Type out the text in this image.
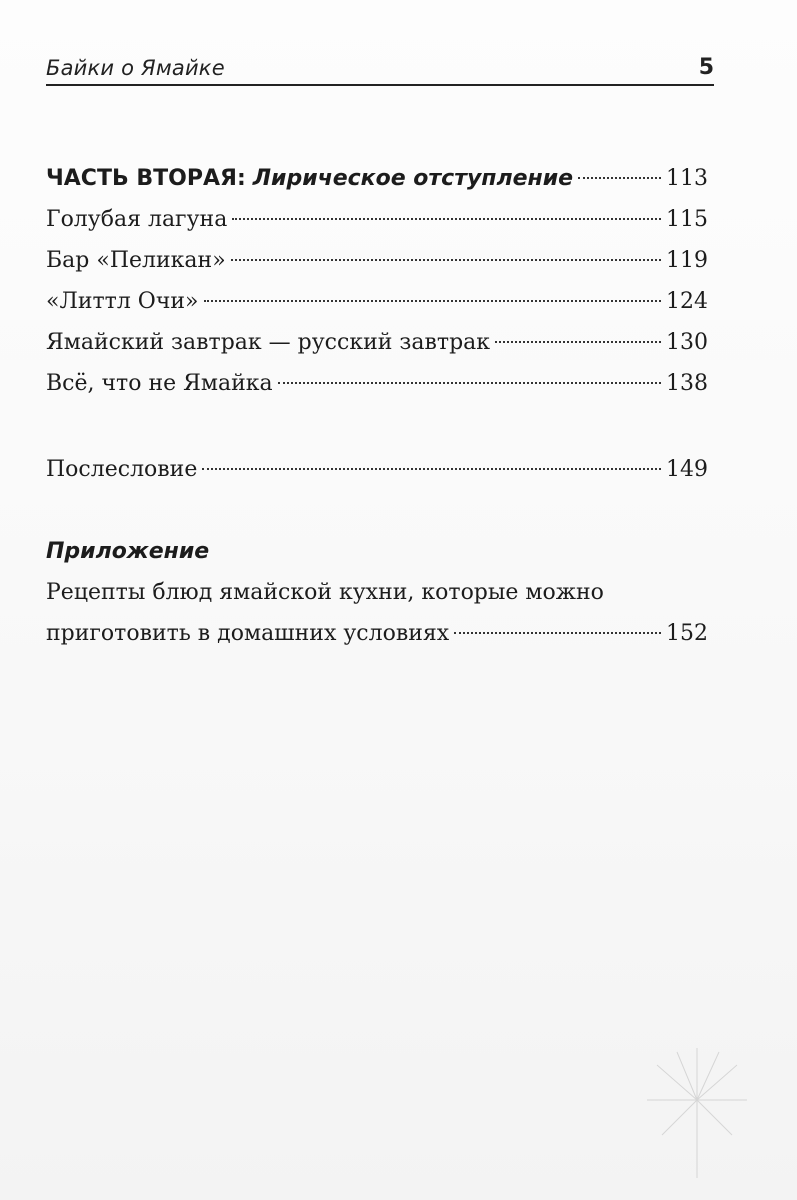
Байки о Ямайке	5
ЧАСТЬ ВТОРАЯ: Лирическое отступление	113
Голубая лагуна	115
Бар «Пеликан»	119
«Литтл Очи»	124
Ямайский завтрак — русский завтрак	130
Всё, что не Ямайка	138
Послесловие	149
Приложение
Рецепты блюд ямайской кухни, которые можно
приготовить в домашних условиях	152
